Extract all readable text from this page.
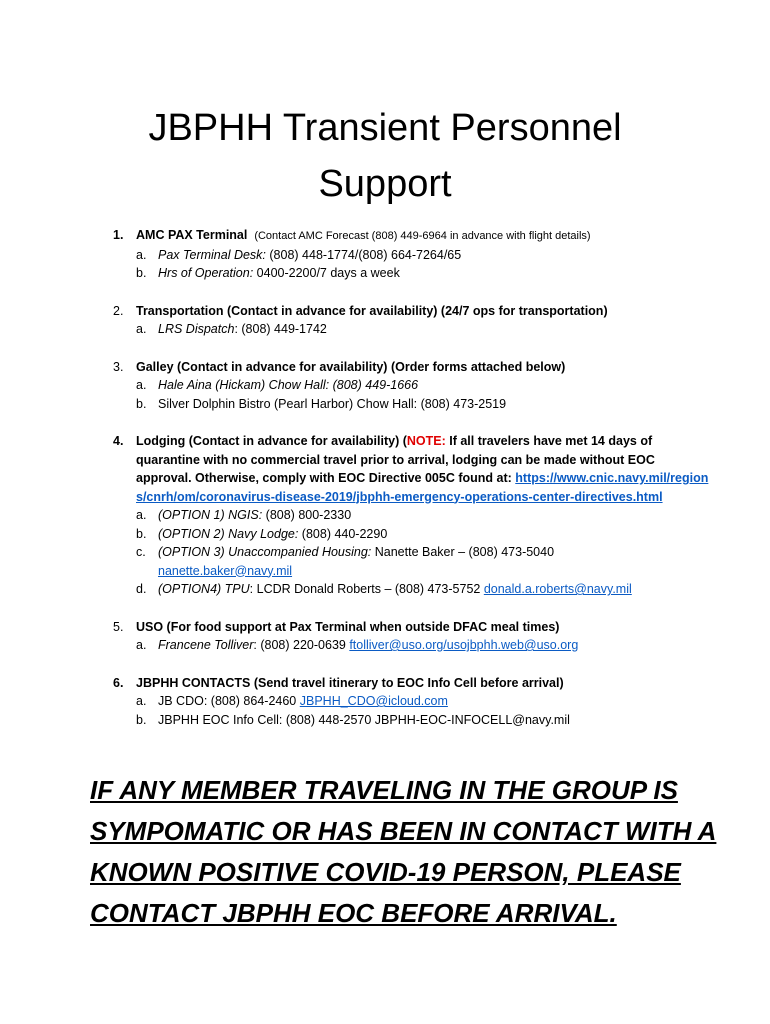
JBPHH Transient Personnel
Support
1.	AMC PAX Terminal (Contact AMC Forecast (808) 449-6964 in advance with flight details)
a. Pax Terminal Desk: (808) 448-1774/(808) 664-7264/65
b. Hrs of Operation: 0400-2200/7 days a week
2.	Transportation (Contact in advance for availability) (24/7 ops for transportation)
a. LRS Dispatch: (808) 449-1742
3.	Galley (Contact in advance for availability) (Order forms attached below)
a. Hale Aina (Hickam) Chow Hall: (808) 449-1666
b. Silver Dolphin Bistro (Pearl Harbor) Chow Hall: (808) 473-2519
4.	Lodging (Contact in advance for availability) (NOTE: If all travelers have met 14 days of quarantine with no commercial travel prior to arrival, lodging can be made without EOC approval. Otherwise, comply with EOC Directive 005C found at: https://www.cnic.navy.mil/regions/cnrh/om/coronavirus-disease-2019/jbphh-emergency-operations-center-directives.html
a. (OPTION 1) NGIS: (808) 800-2330
b. (OPTION 2) Navy Lodge: (808) 440-2290
c. (OPTION 3) Unaccompanied Housing: Nanette Baker – (808) 473-5040
nanette.baker@navy.mil
d. (OPTION4) TPU: LCDR Donald Roberts – (808) 473-5752 donald.a.roberts@navy.mil
5.	USO (For food support at Pax Terminal when outside DFAC meal times)
a. Francene Tolliver: (808) 220-0639 ftolliver@uso.org/usojbphh.web@uso.org
6.	JBPHH CONTACTS (Send travel itinerary to EOC Info Cell before arrival)
a. JB CDO: (808) 864-2460 JBPHH_CDO@icloud.com
b. JBPHH EOC Info Cell: (808) 448-2570 JBPHH-EOC-INFOCELL@navy.mil
IF ANY MEMBER TRAVELING IN THE GROUP IS
SYMPOMATIC OR HAS BEEN IN CONTACT WITH A
KNOWN POSITIVE COVID-19 PERSON, PLEASE
CONTACT JBPHH EOC BEFORE ARRIVAL.
